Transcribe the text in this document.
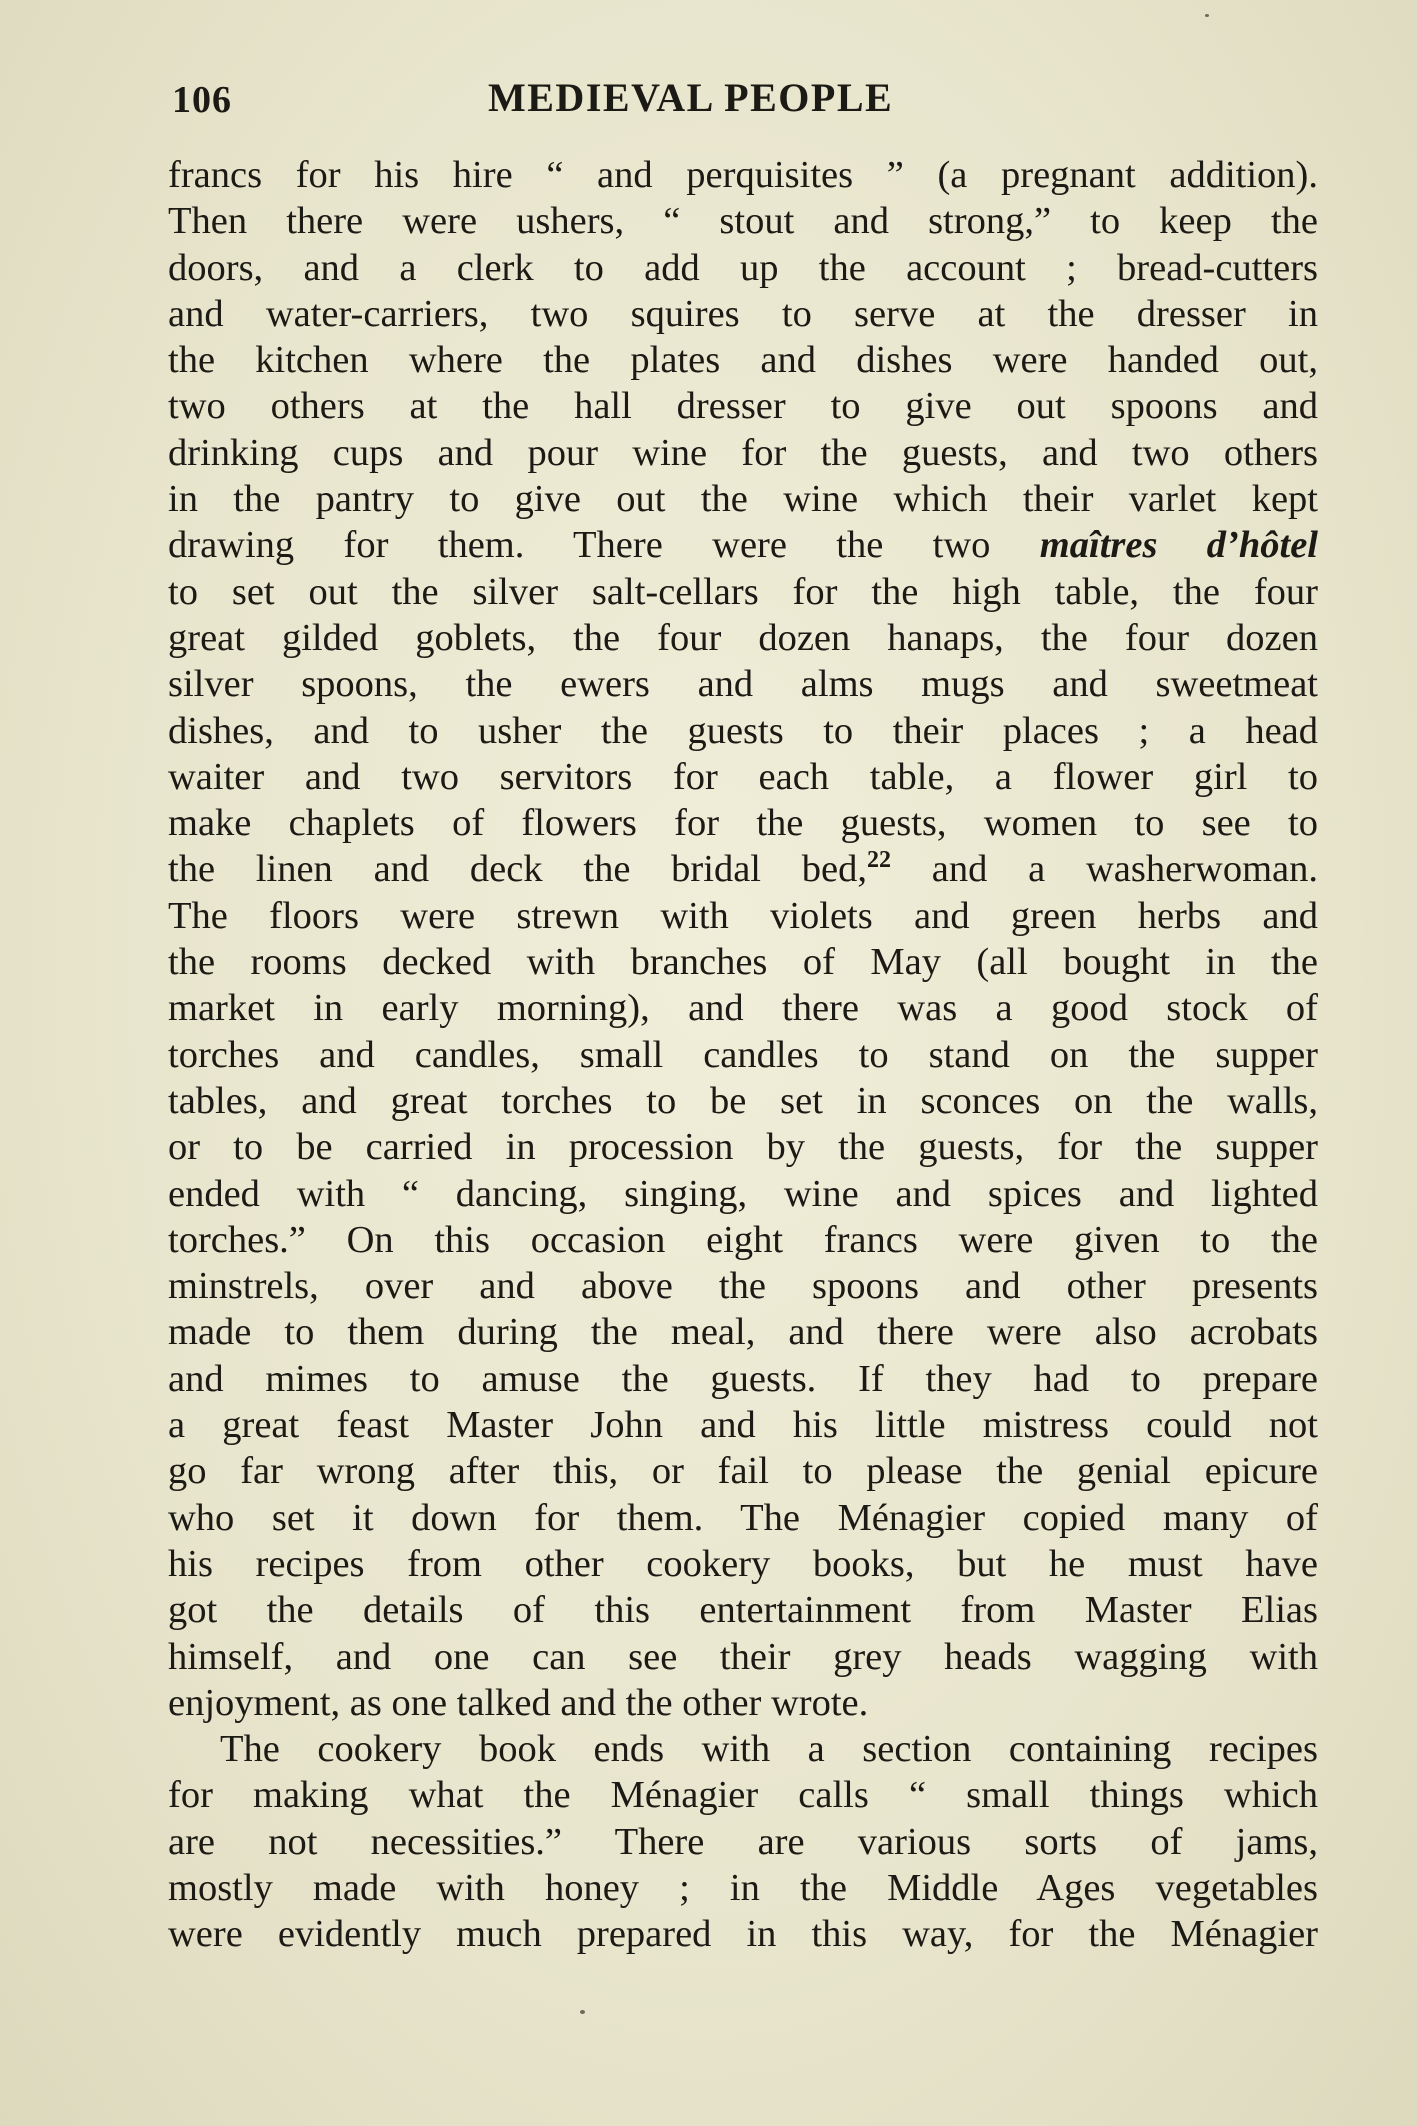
106	MEDIEVAL PEOPLE
francs for his hire “ and perquisites ” (a pregnant addition).
Then there were ushers, “ stout and strong,” to keep the
doors, and a clerk to add up the account ; bread-cutters
and water-carriers, two squires to serve at the dresser in
the kitchen where the plates and dishes were handed out,
two others at the hall dresser to give out spoons and
drinking cups and pour wine for the guests, and two others
in the pantry to give out the wine which their varlet kept
drawing for them. There were the two maîtres d’hôtel
to set out the silver salt-cellars for the high table, the four
great gilded goblets, the four dozen hanaps, the four dozen
silver spoons, the ewers and alms mugs and sweetmeat
dishes, and to usher the guests to their places ; a head
waiter and two servitors for each table, a flower girl to
make chaplets of flowers for the guests, women to see to
the linen and deck the bridal bed,$^{22}$ and a washerwoman.
The floors were strewn with violets and green herbs and
the rooms decked with branches of May (all bought in the
market in early morning), and there was a good stock of
torches and candles, small candles to stand on the supper
tables, and great torches to be set in sconces on the walls,
or to be carried in procession by the guests, for the supper
ended with “ dancing, singing, wine and spices and lighted
torches.” On this occasion eight francs were given to the
minstrels, over and above the spoons and other presents
made to them during the meal, and there were also acrobats
and mimes to amuse the guests. If they had to prepare
a great feast Master John and his little mistress could not
go far wrong after this, or fail to please the genial epicure
who set it down for them. The Ménagier copied many of
his recipes from other cookery books, but he must have
got the details of this entertainment from Master Elias
himself, and one can see their grey heads wagging with
enjoyment, as one talked and the other wrote.
The cookery book ends with a section containing recipes
for making what the Ménagier calls “ small things which
are not necessities.” There are various sorts of jams,
mostly made with honey ; in the Middle Ages vegetables
were evidently much prepared in this way, for the Ménagier
